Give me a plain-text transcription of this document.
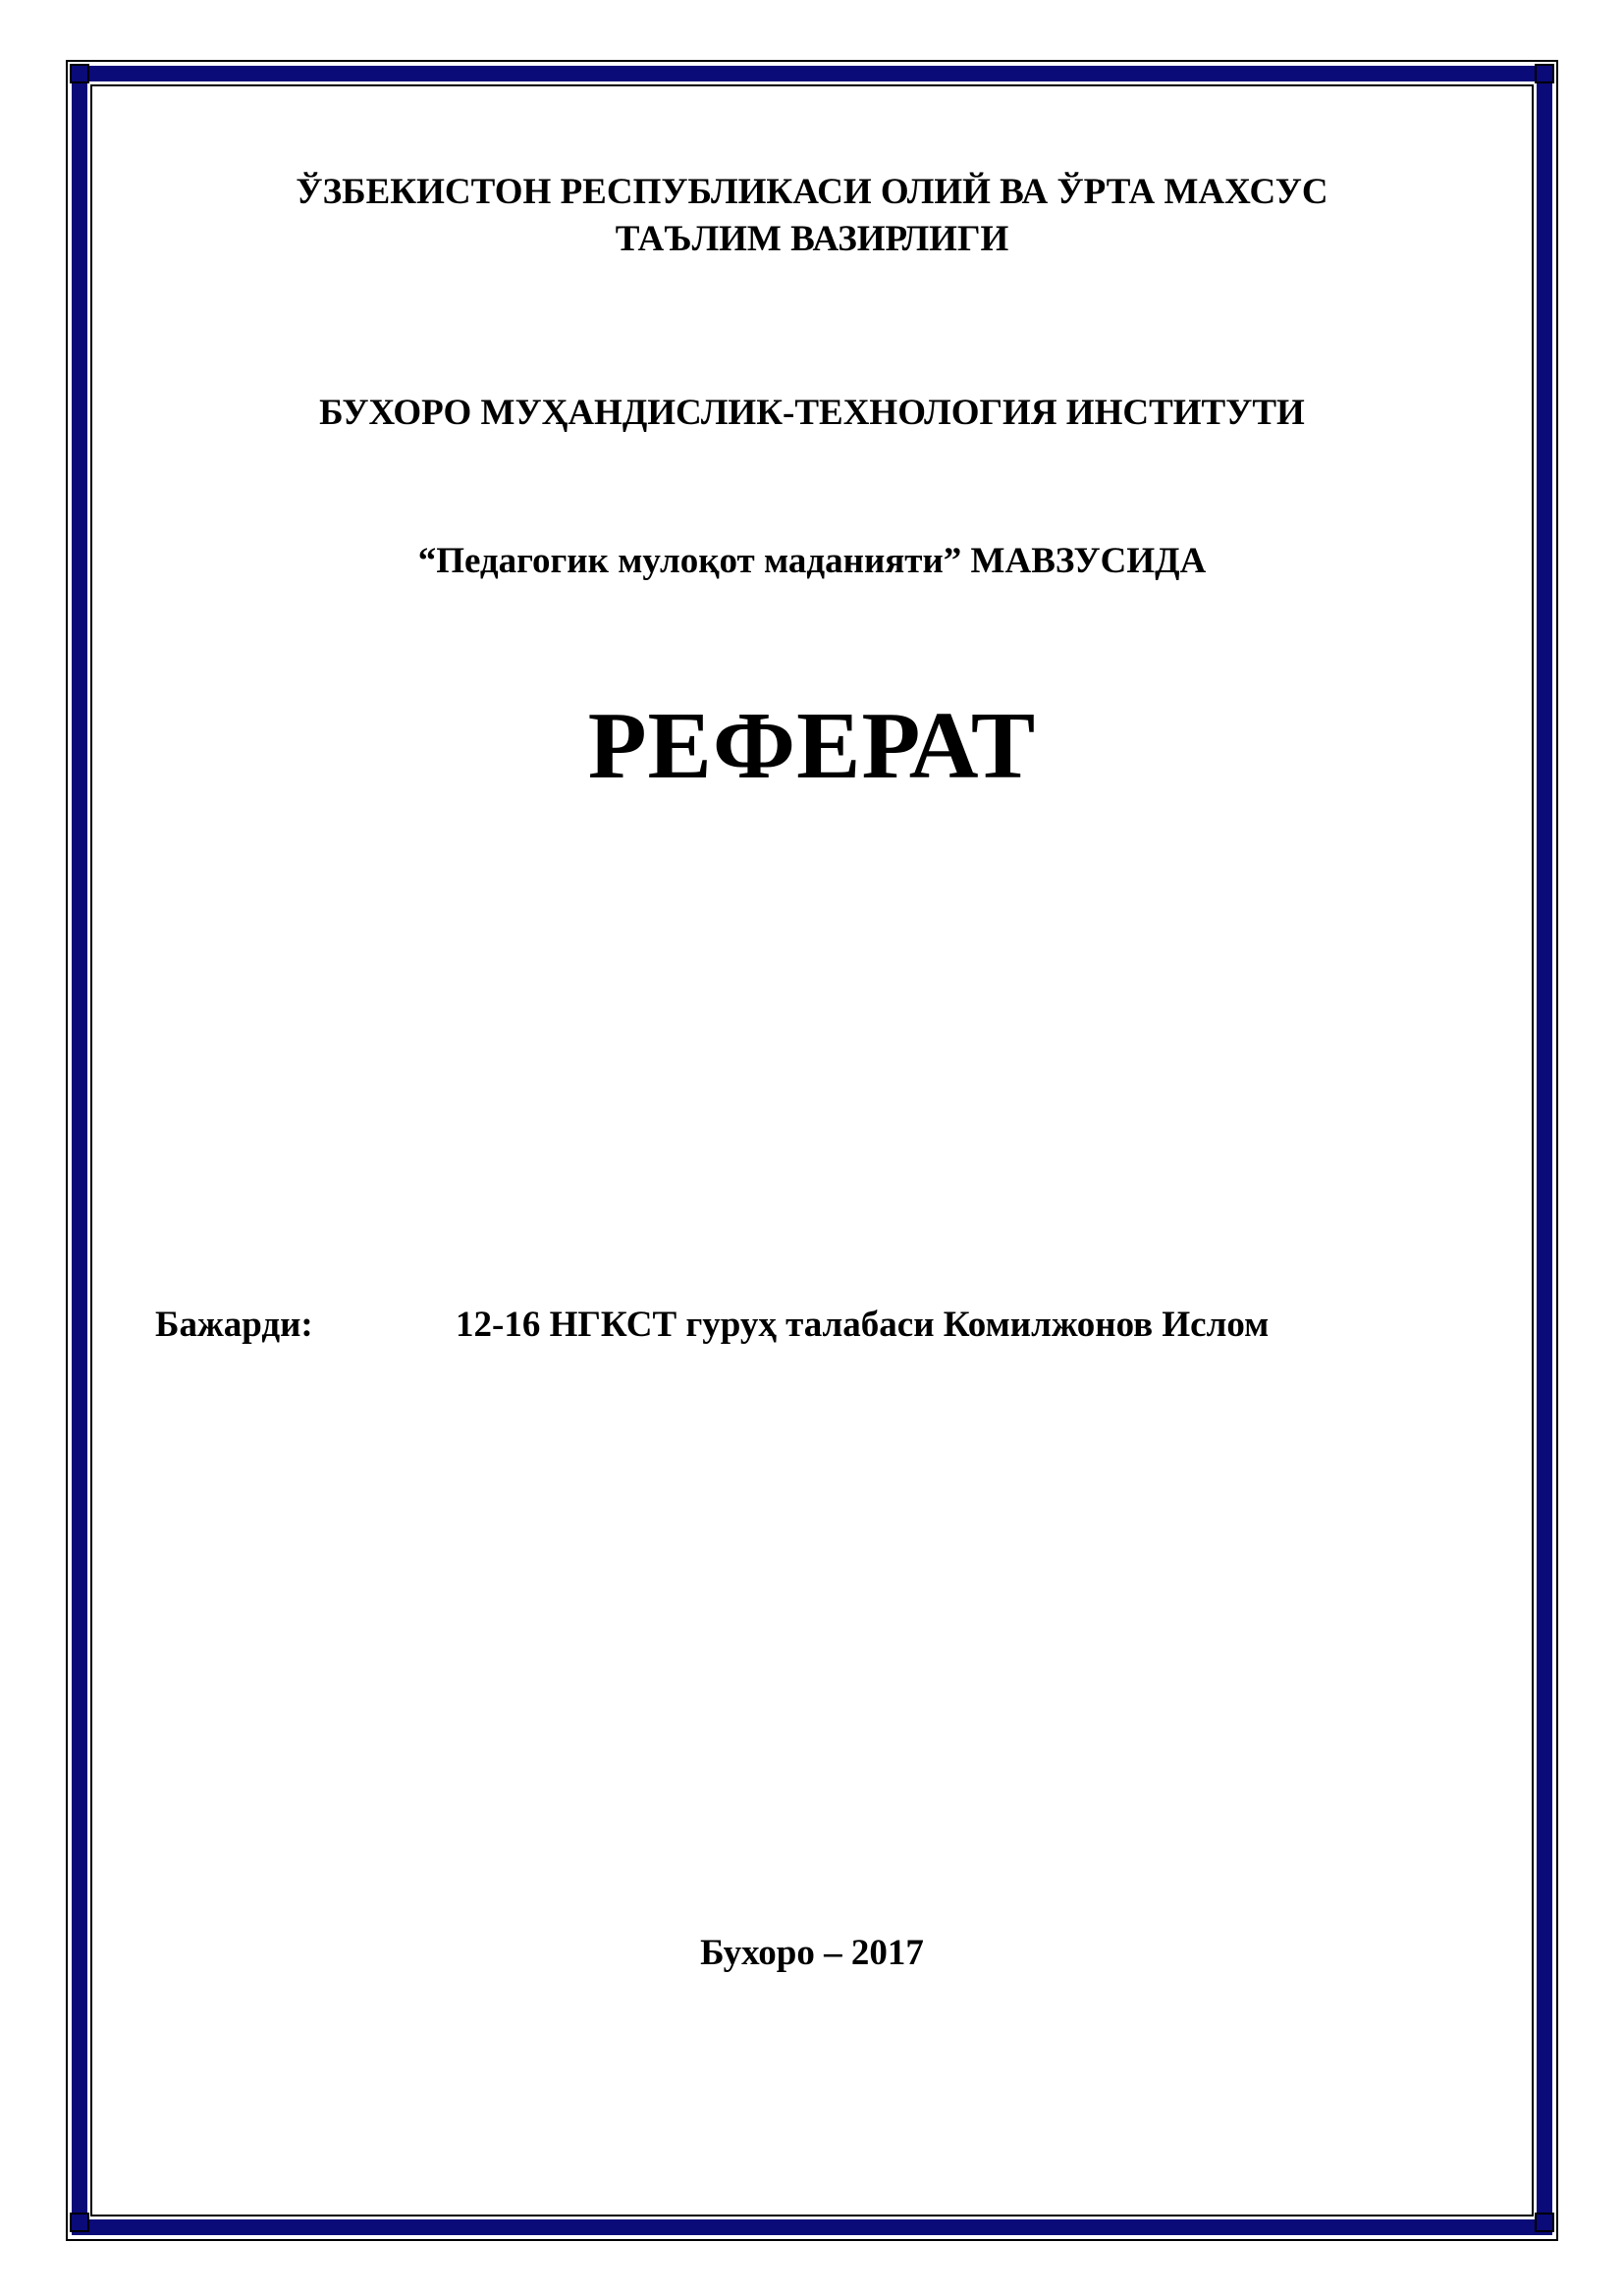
ЎЗБЕКИСТОН РЕСПУБЛИКАСИ ОЛИЙ ВА ЎРТА МАХСУС
ТАЪЛИМ ВАЗИРЛИГИ
БУХОРО МУҲАНДИСЛИК-ТЕХНОЛОГИЯ ИНСТИТУТИ
“Педагогик мулоқот маданияти” МАВЗУСИДА
РЕФЕРАТ
Бажарди:	12-16 НГКСТ гуруҳ талабаси Комилжонов Ислом
Бухоро – 2017
